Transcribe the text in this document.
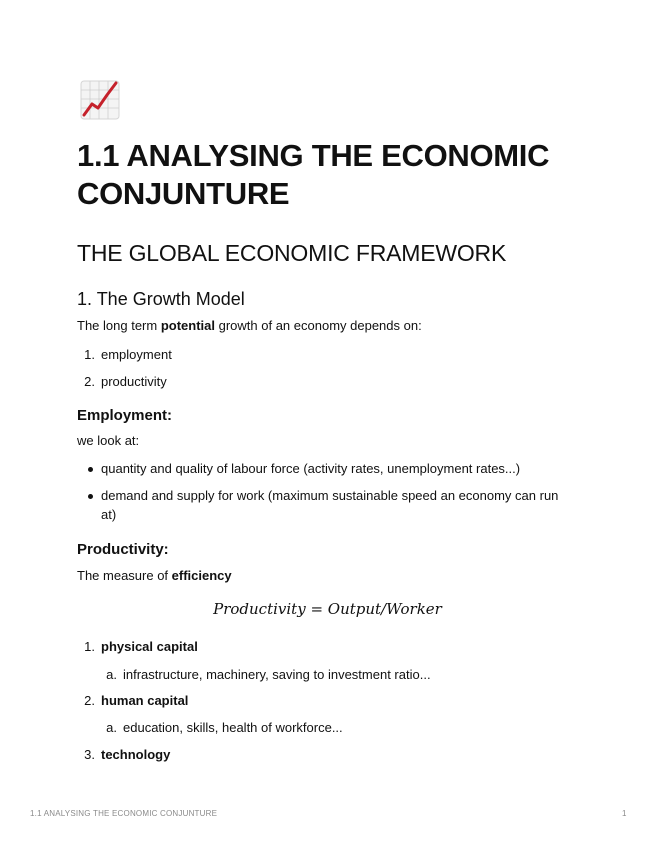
1.1 ANALYSING THE ECONOMIC CONJUNTURE
THE GLOBAL ECONOMIC FRAMEWORK
1. The Growth Model
The long term potential growth of an economy depends on:
1. employment
2. productivity
Employment:
we look at:
quantity and quality of labour force (activity rates, unemployment rates...)
demand and supply for work (maximum sustainable speed an economy can run at)
Productivity:
The measure of efficiency
Productivity = Output/Worker
1. physical capital
a. infrastructure, machinery, saving to investment ratio...
2. human capital
a. education, skills, health of workforce...
3. technology
1.1 ANALYSING THE ECONOMIC CONJUNTURE	1
